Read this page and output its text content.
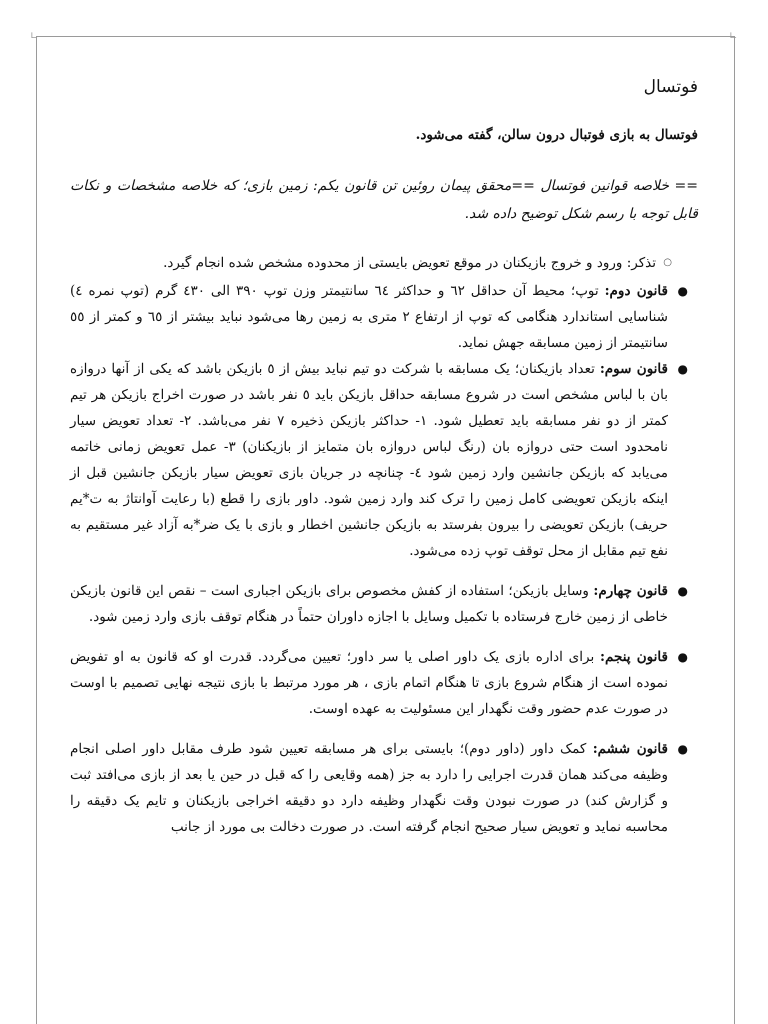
∟	∟
فوتسال

فوتسال به بازی فوتبال درون سالن، گفته می‌شود.

== خلاصه قوانین فوتسال ==محقق پیمان روئین تن قانون یکم: زمین بازی؛ که خلاصه مشخصات و نکات قابل توجه با رسم شکل توضیح داده شد.

○
تذکر: ورود و خروج بازیکنان در موقع تعویض بایستی از محدوده مشخص شده انجام گیرد.
●
قانون دوم: توپ؛ محیط آن حداقل ٦٢ و حداکثر ٦٤ سانتیمتر وزن توپ ٣٩٠ الی ٤٣٠ گرم (توپ نمره ٤) شناسایی استاندارد هنگامی که توپ از ارتفاع ٢ متری به زمین رها می‌شود نباید بیشتر از ٦٥ و کمتر از ٥٥ سانتیمتر از زمین مسابقه جهش نماید.
●
قانون سوم: تعداد بازیکنان؛ یک مسابقه با شرکت دو تیم نباید بیش از ٥ بازیکن باشد که یکی از آنها دروازه بان با لباس مشخص است در شروع مسابقه حداقل بازیکن باید ٥ نفر باشد در صورت اخراج بازیکن هر تیم کمتر از دو نفر مسابقه باید تعطیل شود. ١- حداکثر بازیکن ذخیره ٧ نفر می‌باشد. ٢- تعداد تعویض سیار نامحدود است حتی دروازه بان (رنگ لباس دروازه بان متمایز از بازیکنان) ٣- عمل تعویض زمانی خاتمه می‌یابد که بازیکن جانشین وارد زمین شود ٤- چنانچه در جریان بازی تعویض سیار بازیکن جانشین قبل از اینکه بازیکن تعویضی کامل زمین را ترک کند وارد زمین شود. داور بازی را قطع (با رعایت آوانتاژ به ت*یم حریف) بازیکن تعویضی را بیرون بفرستد به بازیکن جانشین اخطار و بازی با یک ضر*به آزاد غیر مستقیم به نفع تیم مقابل از محل توقف توپ زده می‌شود.
●
قانون چهارم: وسایل بازیکن؛ استفاده از کفش مخصوص برای بازیکن اجباری است – نقص این قانون بازیکن خاطی از زمین خارج فرستاده با تکمیل وسایل با اجازه داوران حتماً در هنگام توقف بازی وارد زمین شود.
●
قانون پنجم: برای اداره بازی یک داور اصلی یا سر داور؛ تعیین می‌گردد. قدرت او که قانون به او تفویض نموده است از هنگام شروع بازی تا هنگام اتمام بازی ، هر مورد مرتبط با بازی نتیجه نهایی تصمیم با اوست در صورت عدم حضور وقت نگهدار این مسئولیت به عهده اوست.
●
قانون ششم: کمک داور (داور دوم)؛ بایستی برای هر مسابقه تعیین شود طرف مقابل داور اصلی انجام وظیفه می‌کند همان قدرت اجرایی را دارد به جز (همه وقایعی را که قبل در حین یا بعد از بازی می‌افتد ثبت و گزارش کند) در صورت نبودن وقت نگهدار وظیفه دارد دو دقیقه اخراجی بازیکنان و تایم یک دقیقه را محاسبه نماید و تعویض سیار صحیح انجام گرفته است. در صورت دخالت بی مورد از جانب
